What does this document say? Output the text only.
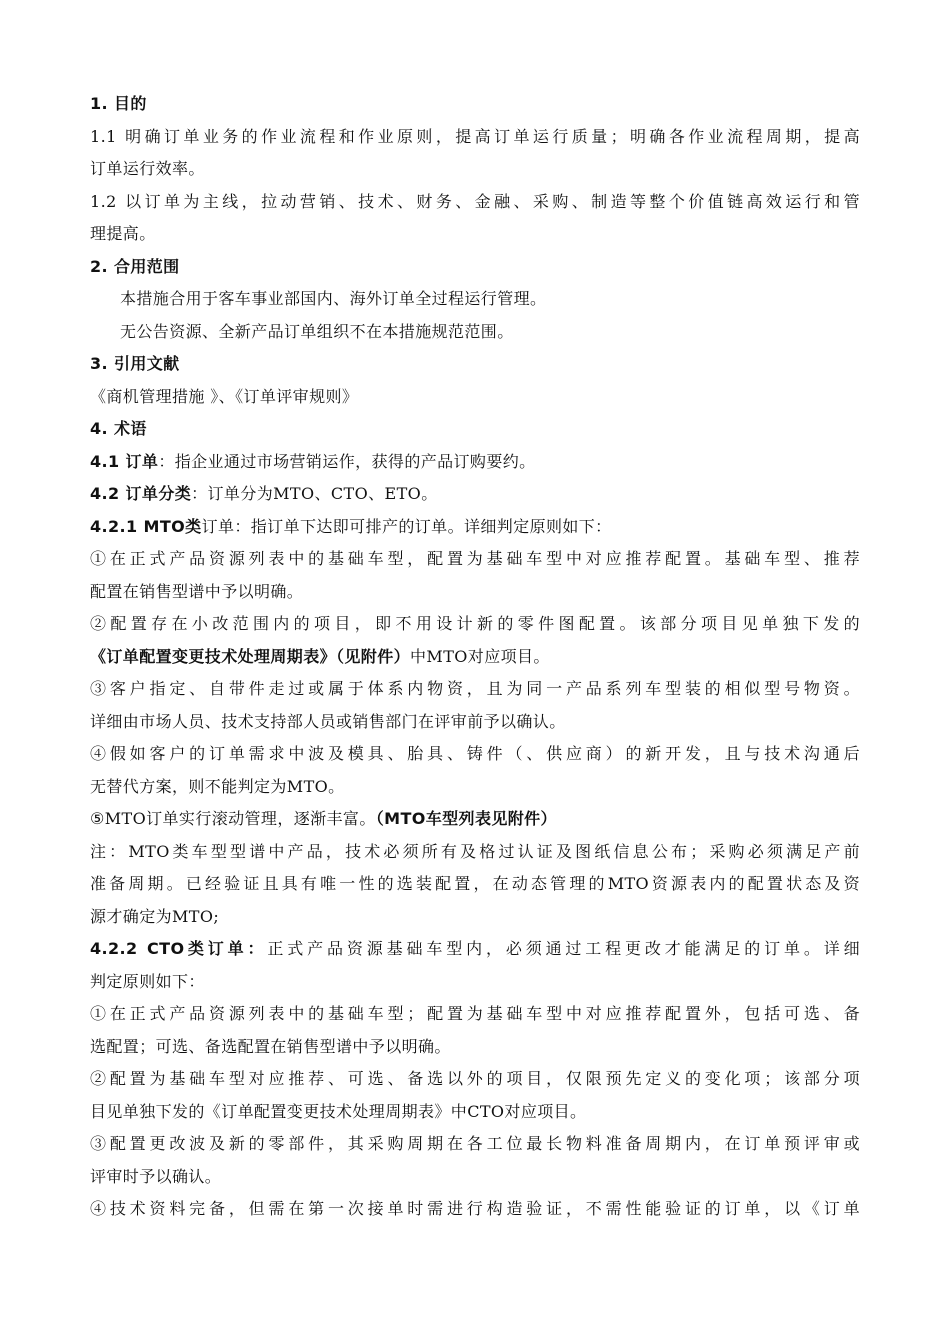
1. 目的
1.1 明确订单业务的作业流程和作业原则，提高订单运行质量；明确各作业流程周期，提高
订单运行效率。
1.2 以订单为主线，拉动营销、技术、财务、金融、采购、制造等整个价值链高效运行和管
理提高。
2. 合用范围
本措施合用于客车事业部国内、海外订单全过程运行管理。
无公告资源、全新产品订单组织不在本措施规范范围。
3. 引用文献
《商机管理措施 》、《订单评审规则》
4. 术语
4.1 订单：指企业通过市场营销运作，获得的产品订购要约。
4.2 订单分类：订单分为MTO、CTO、ETO。
4.2.1 MTO类订单：指订单下达即可排产的订单。详细判定原则如下：
①在正式产品资源列表中的基础车型，配置为基础车型中对应推荐配置。基础车型、推荐
配置在销售型谱中予以明确。
②配置存在小改范围内的项目，即不用设计新的零件图配置。该部分项目见单独下发的
《订单配置变更技术处理周期表》（见附件）中MTO对应项目。
③客户指定、自带件走过或属于体系内物资，且为同一产品系列车型装的相似型号物资。
详细由市场人员、技术支持部人员或销售部门在评审前予以确认。
④假如客户的订单需求中波及模具、胎具、铸件（、供应商）的新开发，且与技术沟通后
无替代方案，则不能判定为MTO。
⑤MTO订单实行滚动管理，逐渐丰富。（MTO车型列表见附件）
注：MTO类车型型谱中产品，技术必须所有及格过认证及图纸信息公布；采购必须满足产前
准备周期。已经验证且具有唯一性的选装配置，在动态管理的MTO资源表内的配置状态及资
源才确定为MTO;
4.2.2 CTO类订单：正式产品资源基础车型内，必须通过工程更改才能满足的订单。详细
判定原则如下：
①在正式产品资源列表中的基础车型；配置为基础车型中对应推荐配置外，包括可选、备
选配置；可选、备选配置在销售型谱中予以明确。
②配置为基础车型对应推荐、可选、备选以外的项目，仅限预先定义的变化项；该部分项
目见单独下发的《订单配置变更技术处理周期表》中CTO对应项目。
③配置更改波及新的零部件，其采购周期在各工位最长物料准备周期内，在订单预评审或
评审时予以确认。
④技术资料完备，但需在第一次接单时需进行构造验证，不需性能验证的订单，以《订单
